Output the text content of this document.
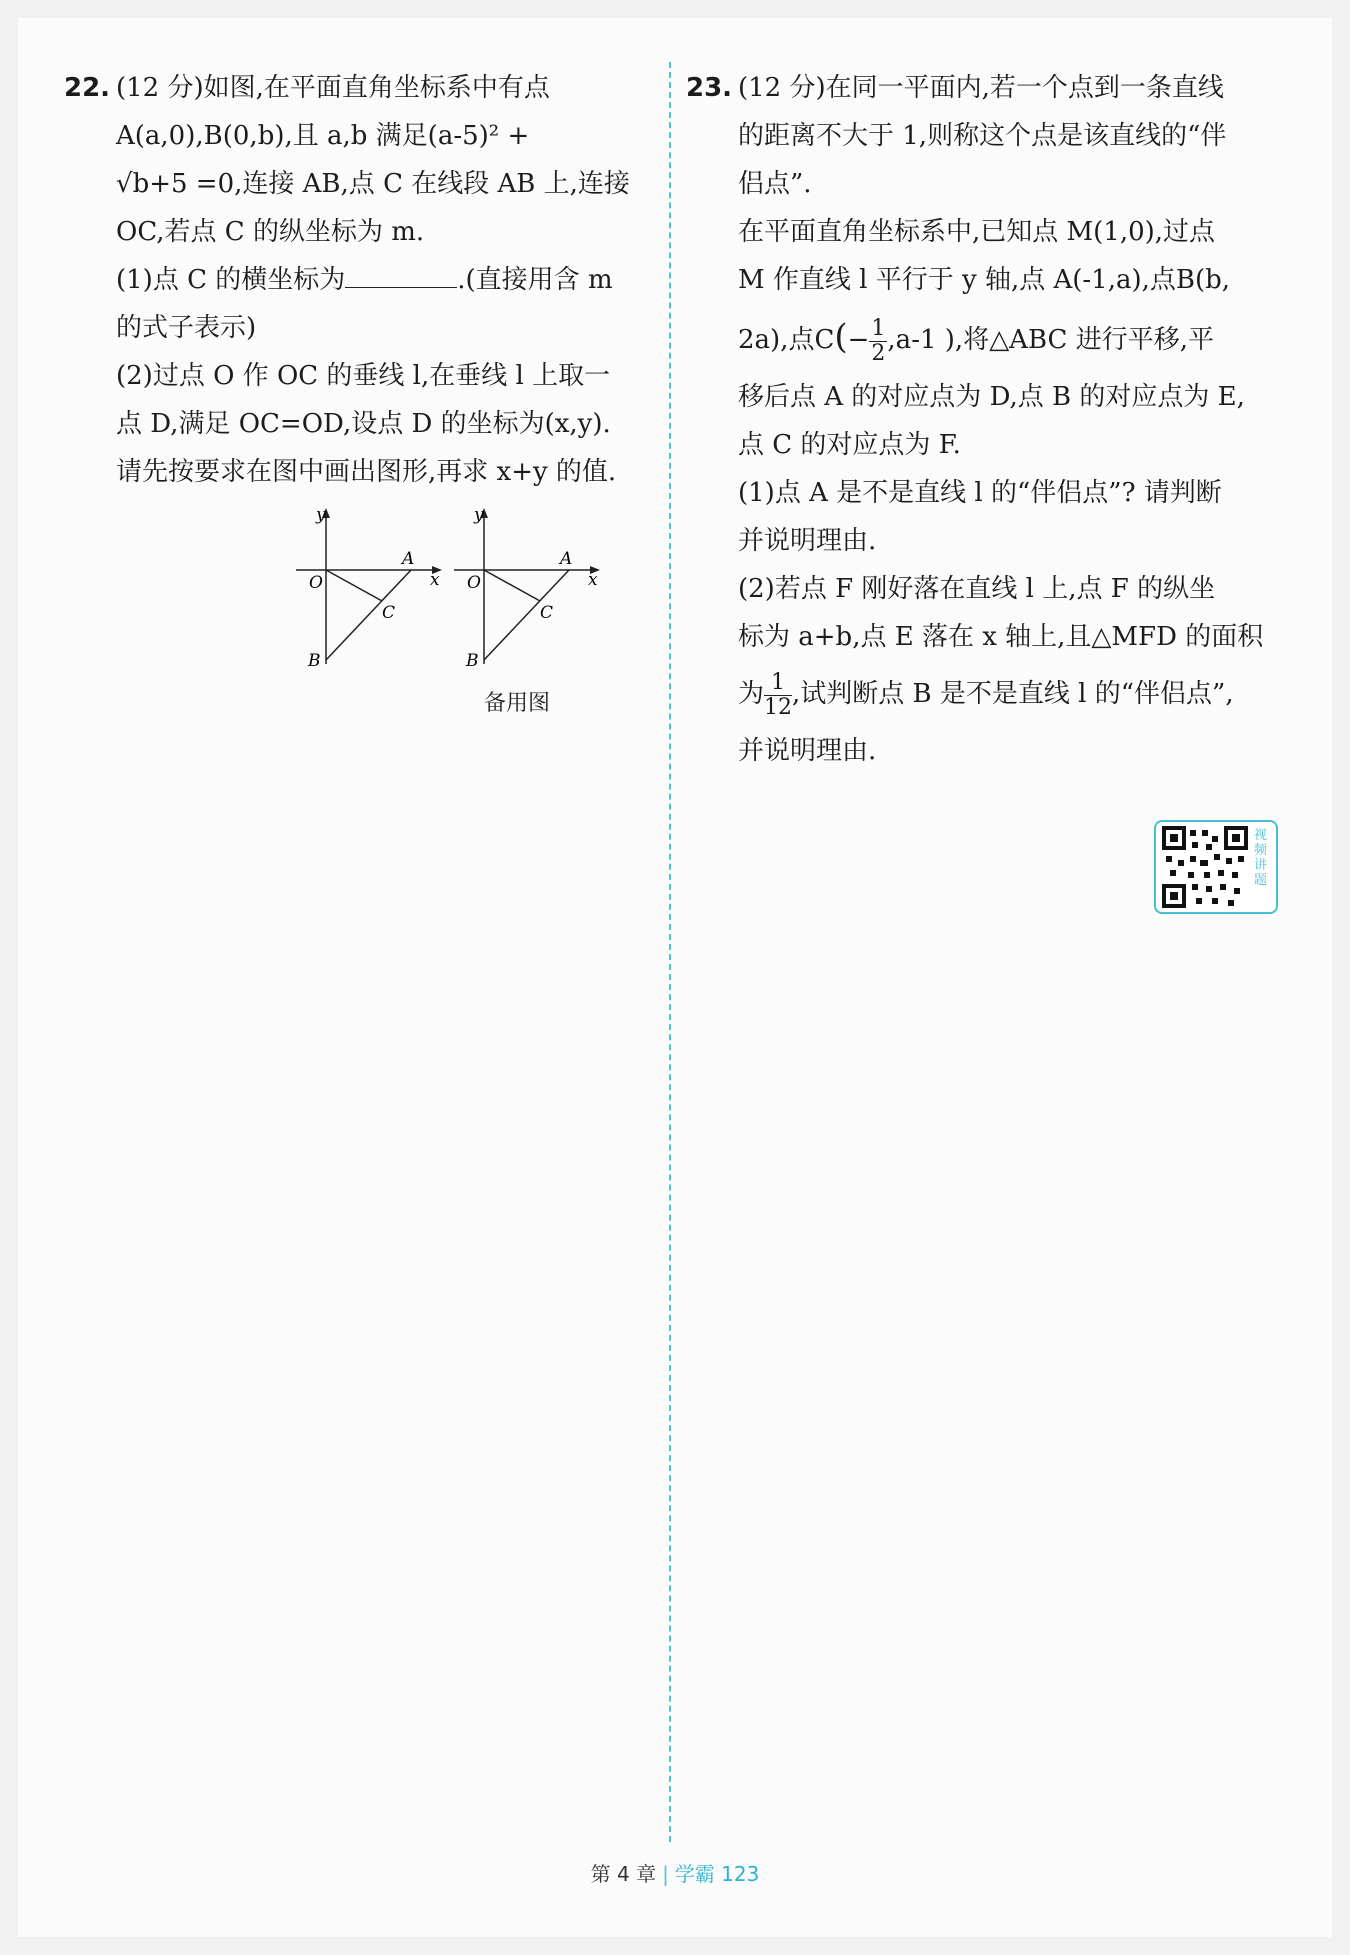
22. (12 分)如图,在平面直角坐标系中有点
A(a,0),B(0,b),且 a,b 满足(a-5)² +
√b+5 =0,连接 AB,点 C 在线段 AB 上,连接
OC,若点 C 的纵坐标为 m.
(1)点 C 的横坐标为	.(直接用含 m
的式子表示)
(2)过点 O 作 OC 的垂线 l,在垂线 l 上取一
点 D,满足 OC=OD,设点 D 的坐标为(x,y).
请先按要求在图中画出图形,再求 x+y 的值.
y
x
O
A
B
C
y
x
O
A
B
C
备用图
23. (12 分)在同一平面内,若一个点到一条直线
的距离不大于 1,则称这个点是该直线的“伴
侣点”.
在平面直角坐标系中,已知点 M(1,0),过点
M 作直线 l 平行于 y 轴,点 A(-1,a),点B(b,
2a),点$C(- \frac{1}{2} ,a-1$ ),将△ABC 进行平移,平
移后点 A 的对应点为 D,点 B 的对应点为 E,
点 C 的对应点为 F.
(1)点 A 是不是直线 l 的“伴侣点”? 请判断
并说明理由.
(2)若点 F 刚好落在直线 l 上,点 F 的纵坐
标为 a+b,点 E 落在 x 轴上,且△MFD 的面积
为 $\frac{1}{12}$ ,试判断点 B 是不是直线 l 的“伴侣点”,
并说明理由.
视频讲题
第 4 章 | 学霸 123
